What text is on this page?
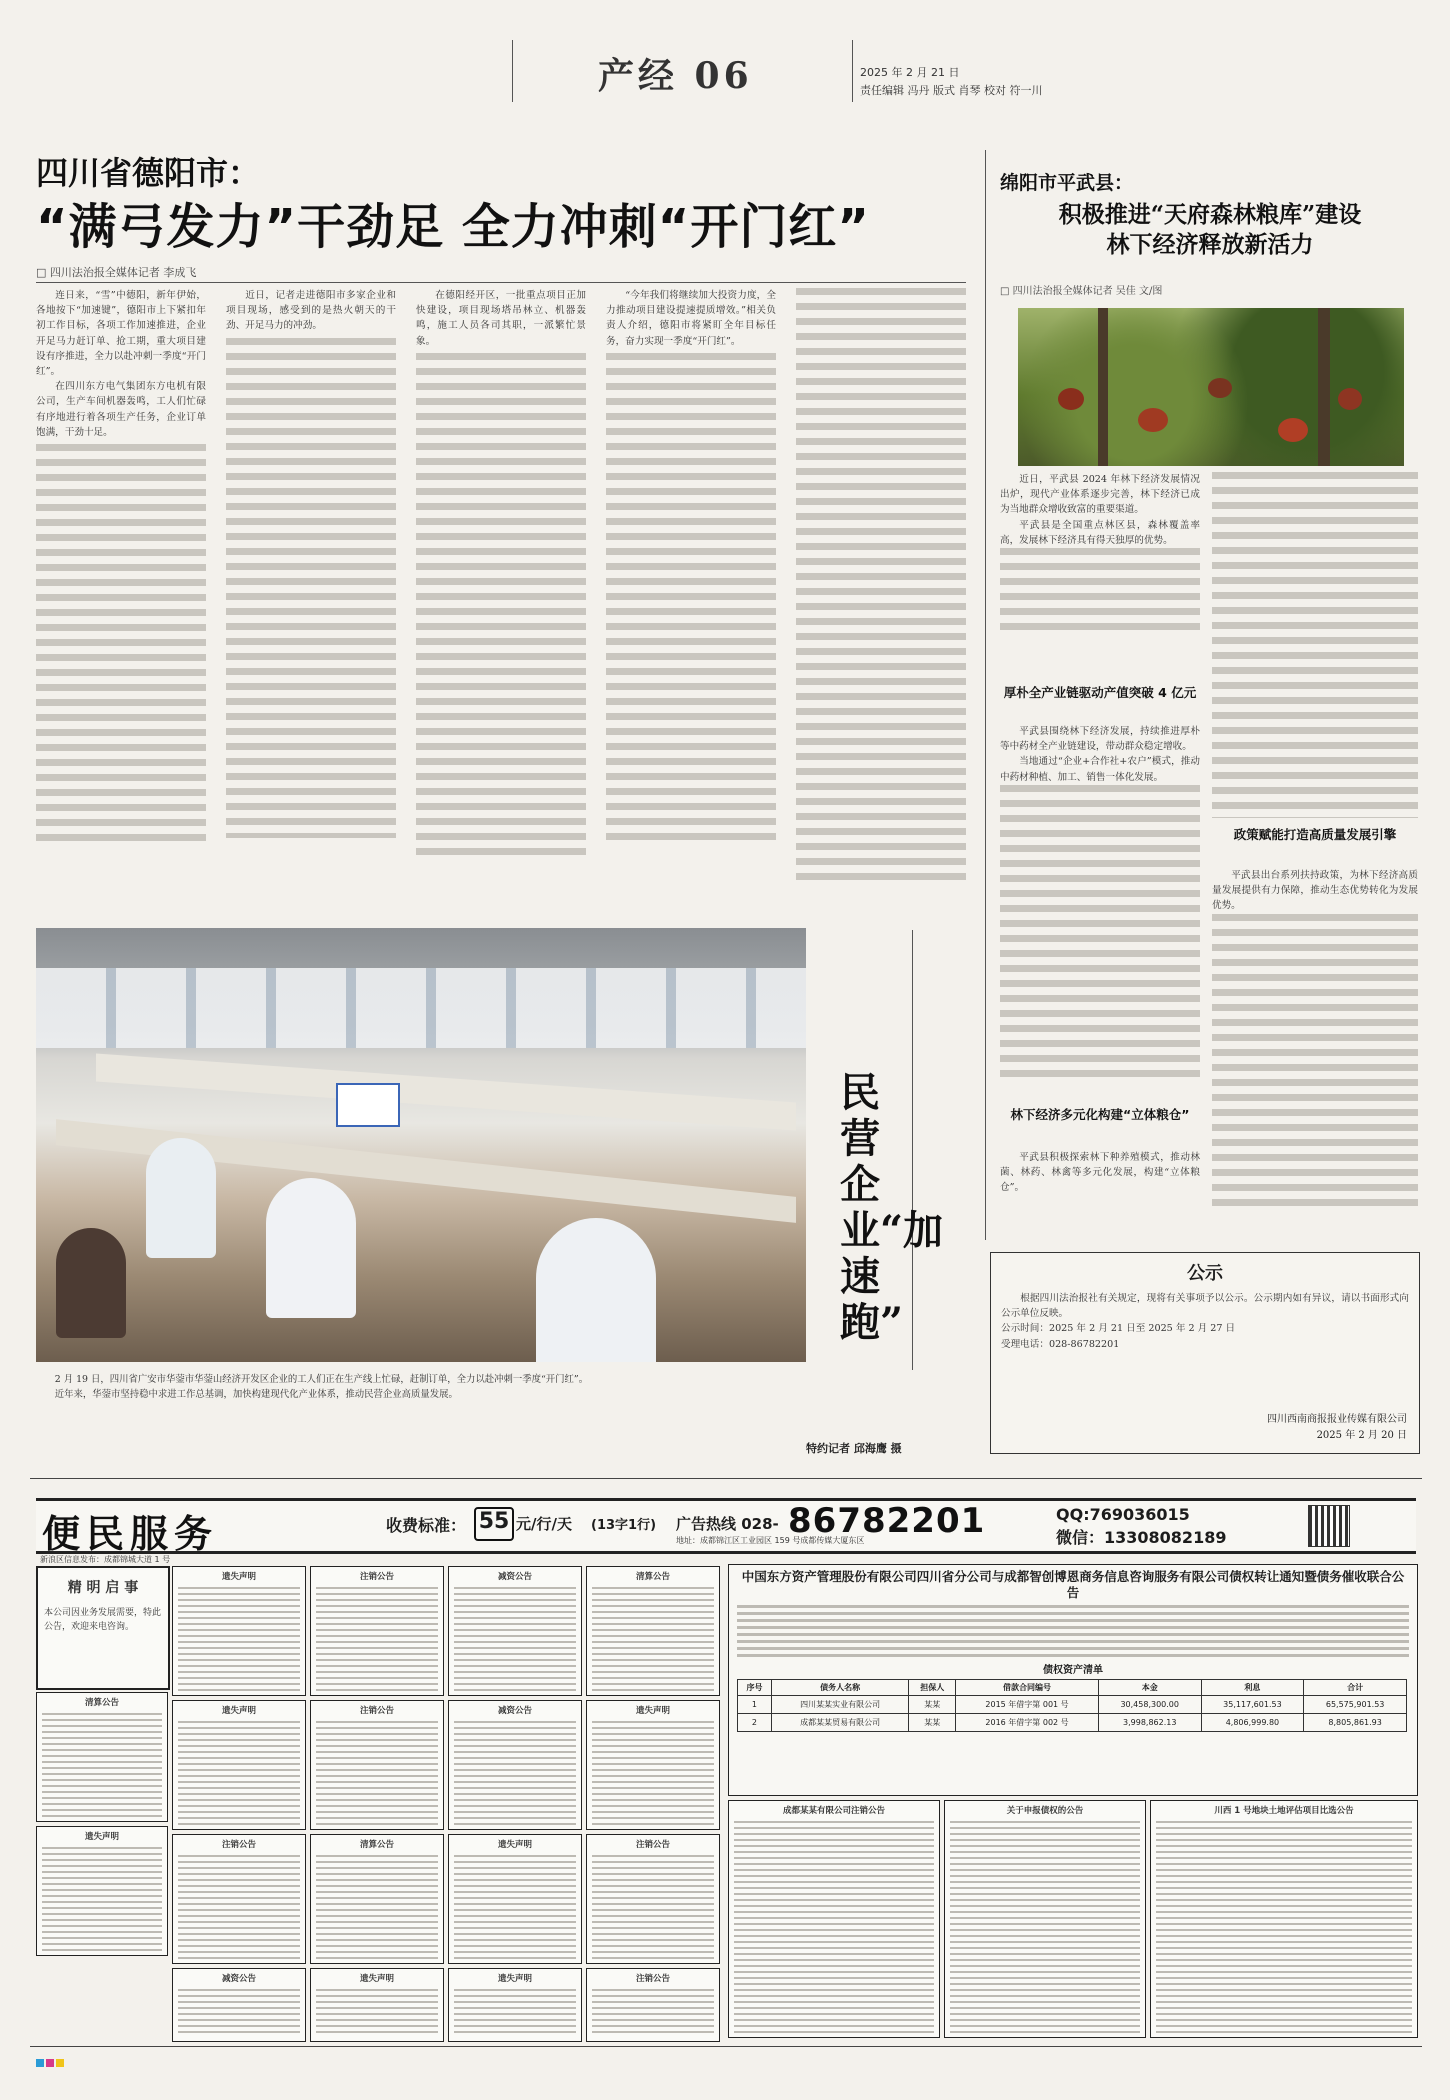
产经 06	2025 年 2 月 21 日
责任编辑 冯丹 版式 肖琴 校对 符一川
四川省德阳市：
“满弓发力”干劲足 全力冲刺“开门红”
□ 四川法治报全媒体记者 李成飞

连日来，“雪”中德阳，新年伊始，各地按下“加速键”，德阳市上下紧扣年初工作目标，各项工作加速推进，企业开足马力赶订单、抢工期，重大项目建设有序推进，全力以赴冲刺一季度“开门红”。

在四川东方电气集团东方电机有限公司，生产车间机器轰鸣，工人们忙碌有序地进行着各项生产任务，企业订单饱满，干劲十足。

近日，记者走进德阳市多家企业和项目现场，感受到的是热火朝天的干劲、开足马力的冲劲。

在德阳经开区，一批重点项目正加快建设，项目现场塔吊林立、机器轰鸣，施工人员各司其职，一派繁忙景象。

“今年我们将继续加大投资力度，全力推动项目建设提速提质增效。”相关负责人介绍，德阳市将紧盯全年目标任务，奋力实现一季度“开门红”。

民营企业“加速跑”

2 月 19 日，四川省广安市华蓥市华蓥山经济开发区企业的工人们正在生产线上忙碌，赶制订单，全力以赴冲刺一季度“开门红”。

近年来，华蓥市坚持稳中求进工作总基调，加快构建现代化产业体系，推动民营企业高质量发展。

特约记者 邱海鹰 摄
绵阳市平武县：
积极推进“天府森林粮库”建设
林下经济释放新活力
□ 四川法治报全媒体记者 吴佳 文/图

近日，平武县 2024 年林下经济发展情况出炉，现代产业体系逐步完善，林下经济已成为当地群众增收致富的重要渠道。

平武县是全国重点林区县，森林覆盖率高，发展林下经济具有得天独厚的优势。

厚朴全产业链驱动产值突破 4 亿元

平武县围绕林下经济发展，持续推进厚朴等中药材全产业链建设，带动群众稳定增收。

当地通过“企业+合作社+农户”模式，推动中药材种植、加工、销售一体化发展。

林下经济多元化构建“立体粮仓”

平武县积极探索林下种养殖模式，推动林菌、林药、林禽等多元化发展，构建“立体粮仓”。

政策赋能打造高质量发展引擎

平武县出台系列扶持政策，为林下经济高质量发展提供有力保障，推动生态优势转化为发展优势。

公示

根据四川法治报社有关规定，现将有关事项予以公示。公示期内如有异议，请以书面形式向公示单位反映。

公示时间：2025 年 2 月 21 日至 2025 年 2 月 27 日
受理电话：028-86782201
四川西南商报报业传媒有限公司
2025 年 2 月 20 日
便民服务	收费标准： 55 元/行/天 (13字1行) 广告热线 028- 86782201
地址：成都锦江区工业园区 159 号成都传媒大厦东区
QQ:769036015
微信：13308082189
新浪区信息发布：成都锦城大道 1 号
精 明 启 事
本公司因业务发展需要，特此公告，欢迎来电咨询。
遗失声明	注销公告	减资公告	清算公告
遗失声明	注销公告	减资公告	遗失声明
注销公告	清算公告	遗失声明	注销公告
减资公告	遗失声明	遗失声明	注销公告
清算公告
遗失声明
中国东方资产管理股份有限公司四川省分公司与成都智创博恩商务信息咨询服务有限公司债权转让通知暨债务催收联合公告
债权资产清单
序号	债务人名称	担保人	借款合同编号	本金	利息	合计
1	四川某某实业有限公司	某某	2015 年借字第 001 号	30,458,300.00	35,117,601.53	65,575,901.53
2	成都某某贸易有限公司	某某	2016 年借字第 002 号	3,998,862.13	4,806,999.80	8,805,861.93
成都某某有限公司注销公告	关于申报债权的公告	川西 1 号地块土地评估项目比选公告
